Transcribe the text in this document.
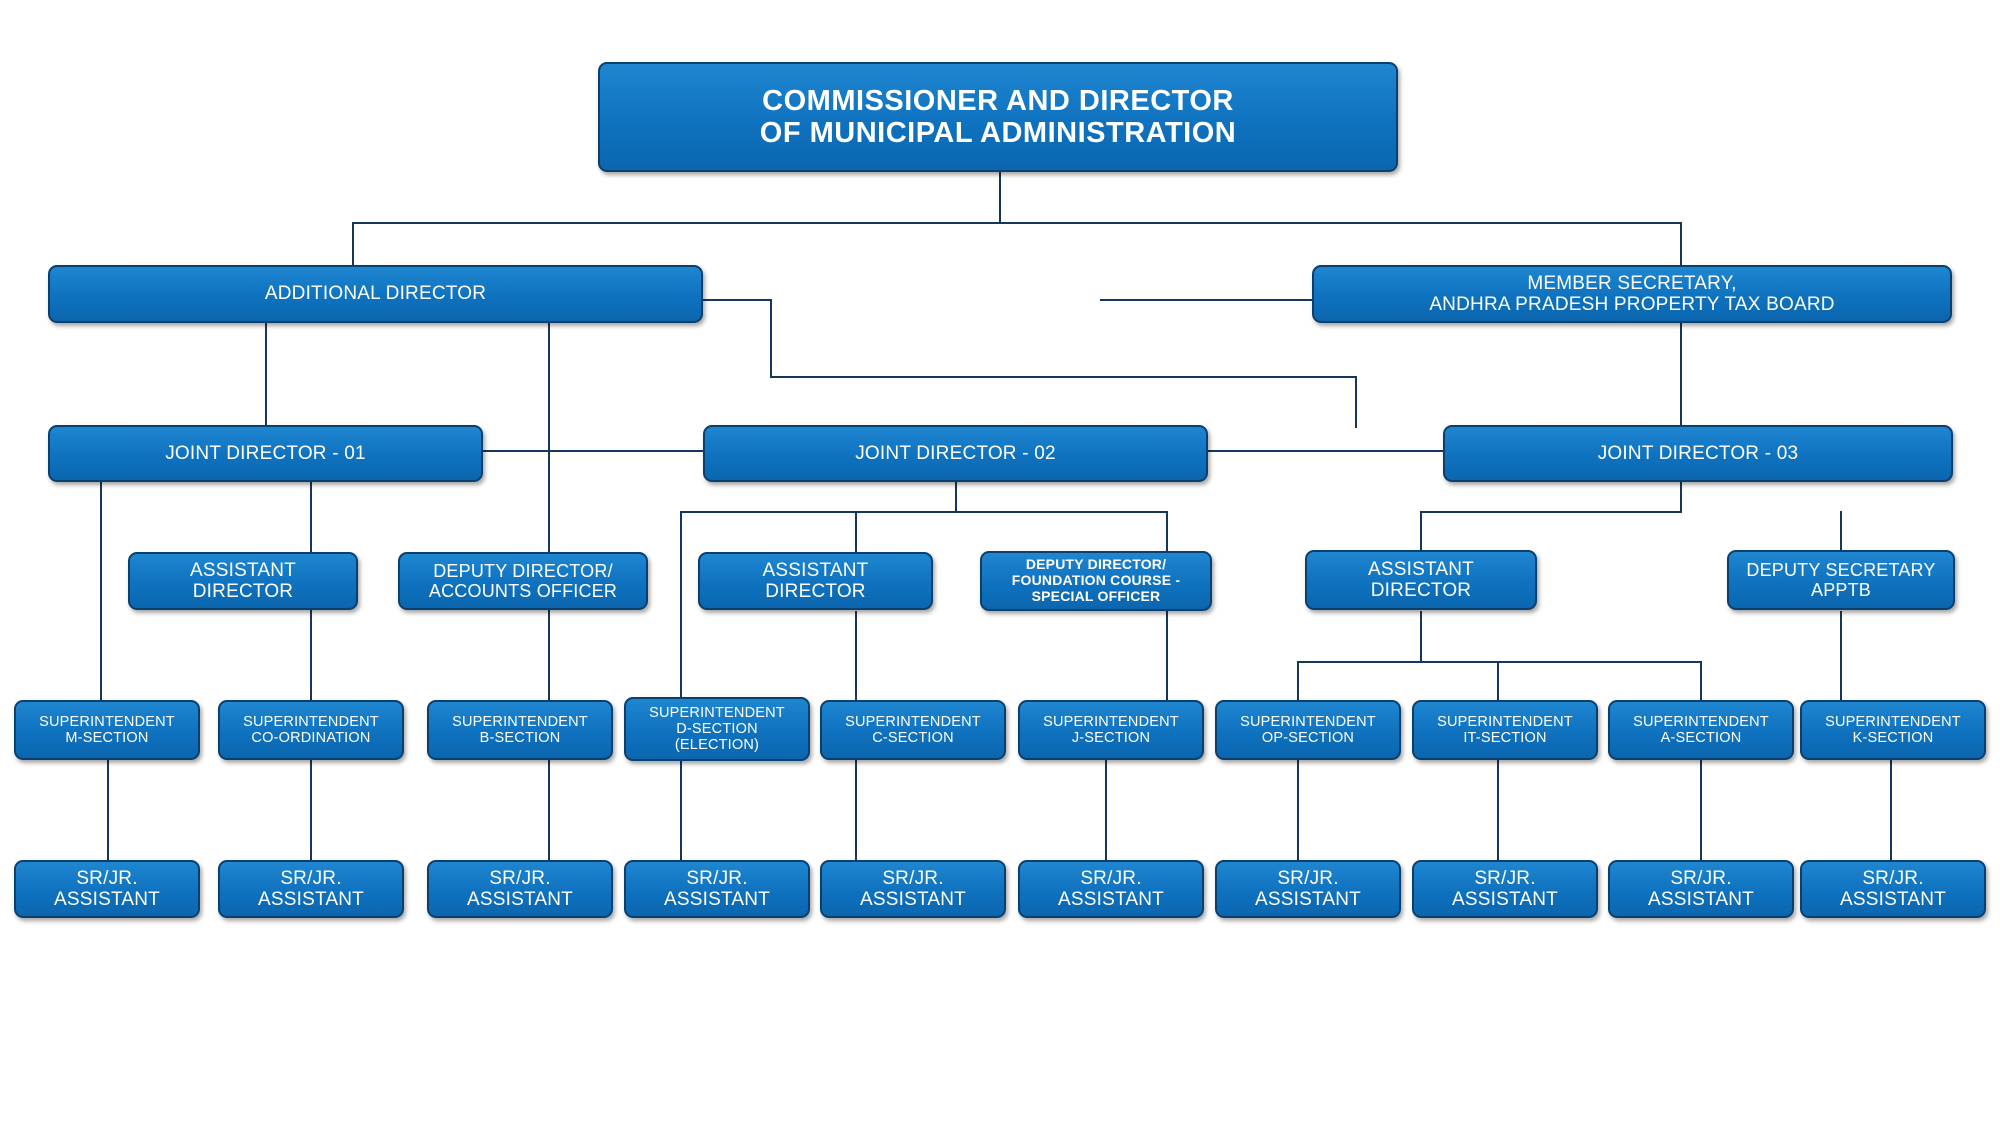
COMMISSIONER AND DIRECTOR
OF MUNICIPAL ADMINISTRATION
ADDITIONAL DIRECTOR
MEMBER SECRETARY,
ANDHRA PRADESH PROPERTY TAX BOARD
JOINT DIRECTOR - 01	JOINT DIRECTOR - 02	JOINT DIRECTOR - 03
ASSISTANT
DIRECTOR
DEPUTY DIRECTOR/
ACCOUNTS OFFICER
ASSISTANT
DIRECTOR
DEPUTY DIRECTOR/
FOUNDATION COURSE -
SPECIAL OFFICER
ASSISTANT
DIRECTOR
DEPUTY SECRETARY
APPTB
SUPERINTENDENT
M-SECTION
SUPERINTENDENT
CO-ORDINATION
SUPERINTENDENT
B-SECTION
SUPERINTENDENT
D-SECTION
(ELECTION)
SUPERINTENDENT
C-SECTION
SUPERINTENDENT
J-SECTION
SUPERINTENDENT
OP-SECTION
SUPERINTENDENT
IT-SECTION
SUPERINTENDENT
A-SECTION
SUPERINTENDENT
K-SECTION
SR/JR.
ASSISTANT
SR/JR.
ASSISTANT
SR/JR.
ASSISTANT
SR/JR.
ASSISTANT
SR/JR.
ASSISTANT
SR/JR.
ASSISTANT
SR/JR.
ASSISTANT
SR/JR.
ASSISTANT
SR/JR.
ASSISTANT
SR/JR.
ASSISTANT
